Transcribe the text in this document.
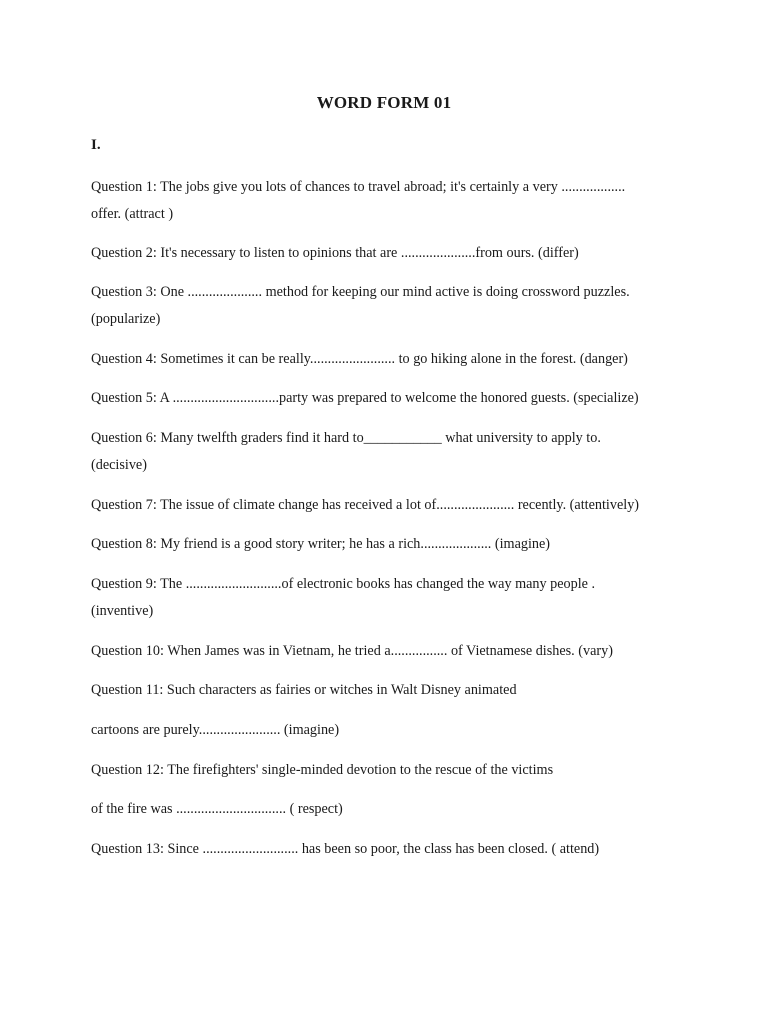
WORD FORM 01
I.
Question 1: The jobs give you lots of chances to travel abroad; it's certainly a very ..................
offer. (attract )
Question 2: It's necessary to listen to opinions that are .....................from ours. (differ)
Question 3: One ..................... method for keeping our mind active is doing crossword puzzles.
(popularize)
Question 4: Sometimes it can be really........................ to go hiking alone in the forest. (danger)
Question 5: A ..............................party was prepared to welcome the honored guests. (specialize)
Question 6: Many twelfth graders find it hard to___________ what university to apply to.
(decisive)
Question 7: The issue of climate change has received a lot of...................... recently. (attentively)
Question 8: My friend is a good story writer; he has a rich.................... (imagine)
Question 9: The ...........................of electronic books has changed the way many people .
(inventive)
Question 10: When James was in Vietnam, he tried a................ of Vietnamese dishes. (vary)
Question 11: Such characters as fairies or witches in Walt Disney animated
cartoons are purely....................... (imagine)
Question 12: The firefighters' single-minded devotion to the rescue of the victims
of the fire was ............................... ( respect)
Question 13: Since ........................... has been so poor, the class has been closed. ( attend)
